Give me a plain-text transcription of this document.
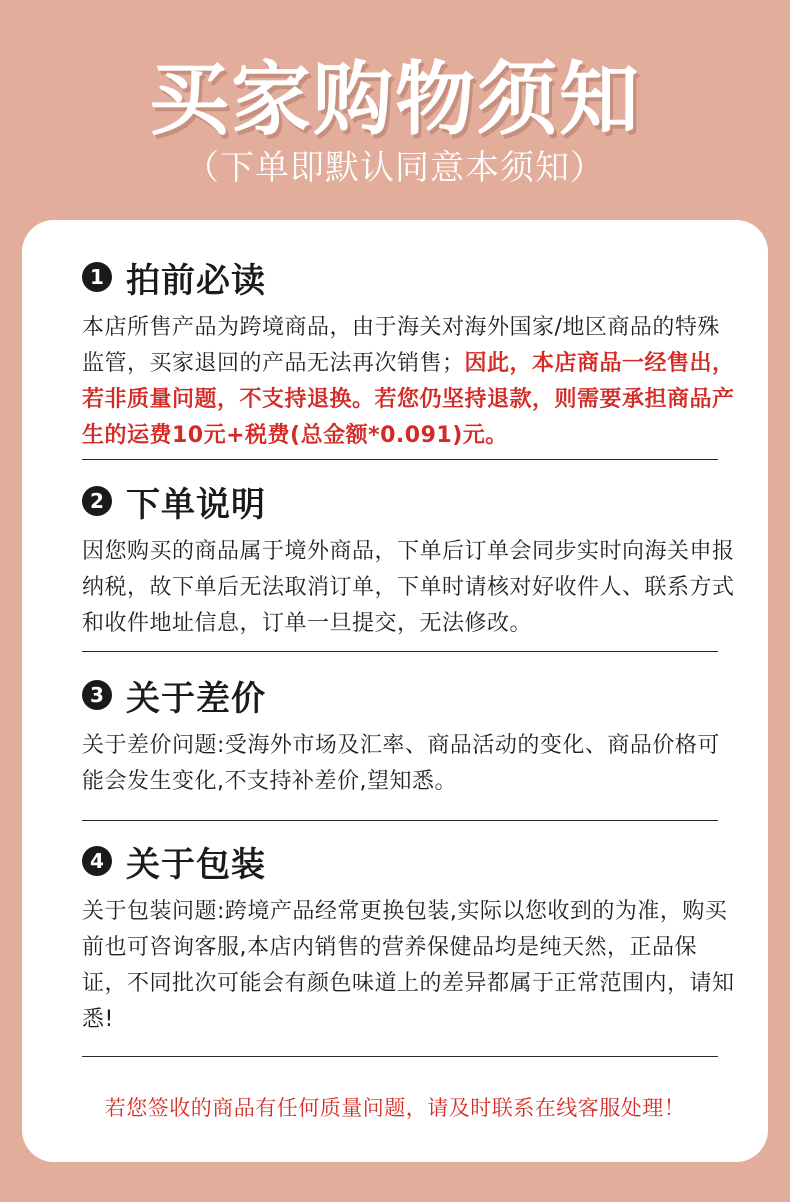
买家购物须知
（下单即默认同意本须知）
1 拍前必读
本店所售产品为跨境商品，由于海关对海外国家/地区商品的特殊监管，买家退回的产品无法再次销售；因此，本店商品一经售出，若非质量问题，不支持退换。若您仍坚持退款，则需要承担商品产生的运费10元+税费(总金额*0.091)元。
2 下单说明
因您购买的商品属于境外商品，下单后订单会同步实时向海关申报纳税，故下单后无法取消订单，下单时请核对好收件人、联系方式和收件地址信息，订单一旦提交，无法修改。
3 关于差价
关于差价问题:受海外市场及汇率、商品活动的变化、商品价格可能会发生变化,不支持补差价,望知悉。
4 关于包装
关于包装问题:跨境产品经常更换包装,实际以您收到的为准，购买前也可咨询客服,本店内销售的营养保健品均是纯天然，正品保证，不同批次可能会有颜色味道上的差异都属于正常范围内，请知悉!
若您签收的商品有任何质量问题，请及时联系在线客服处理！
